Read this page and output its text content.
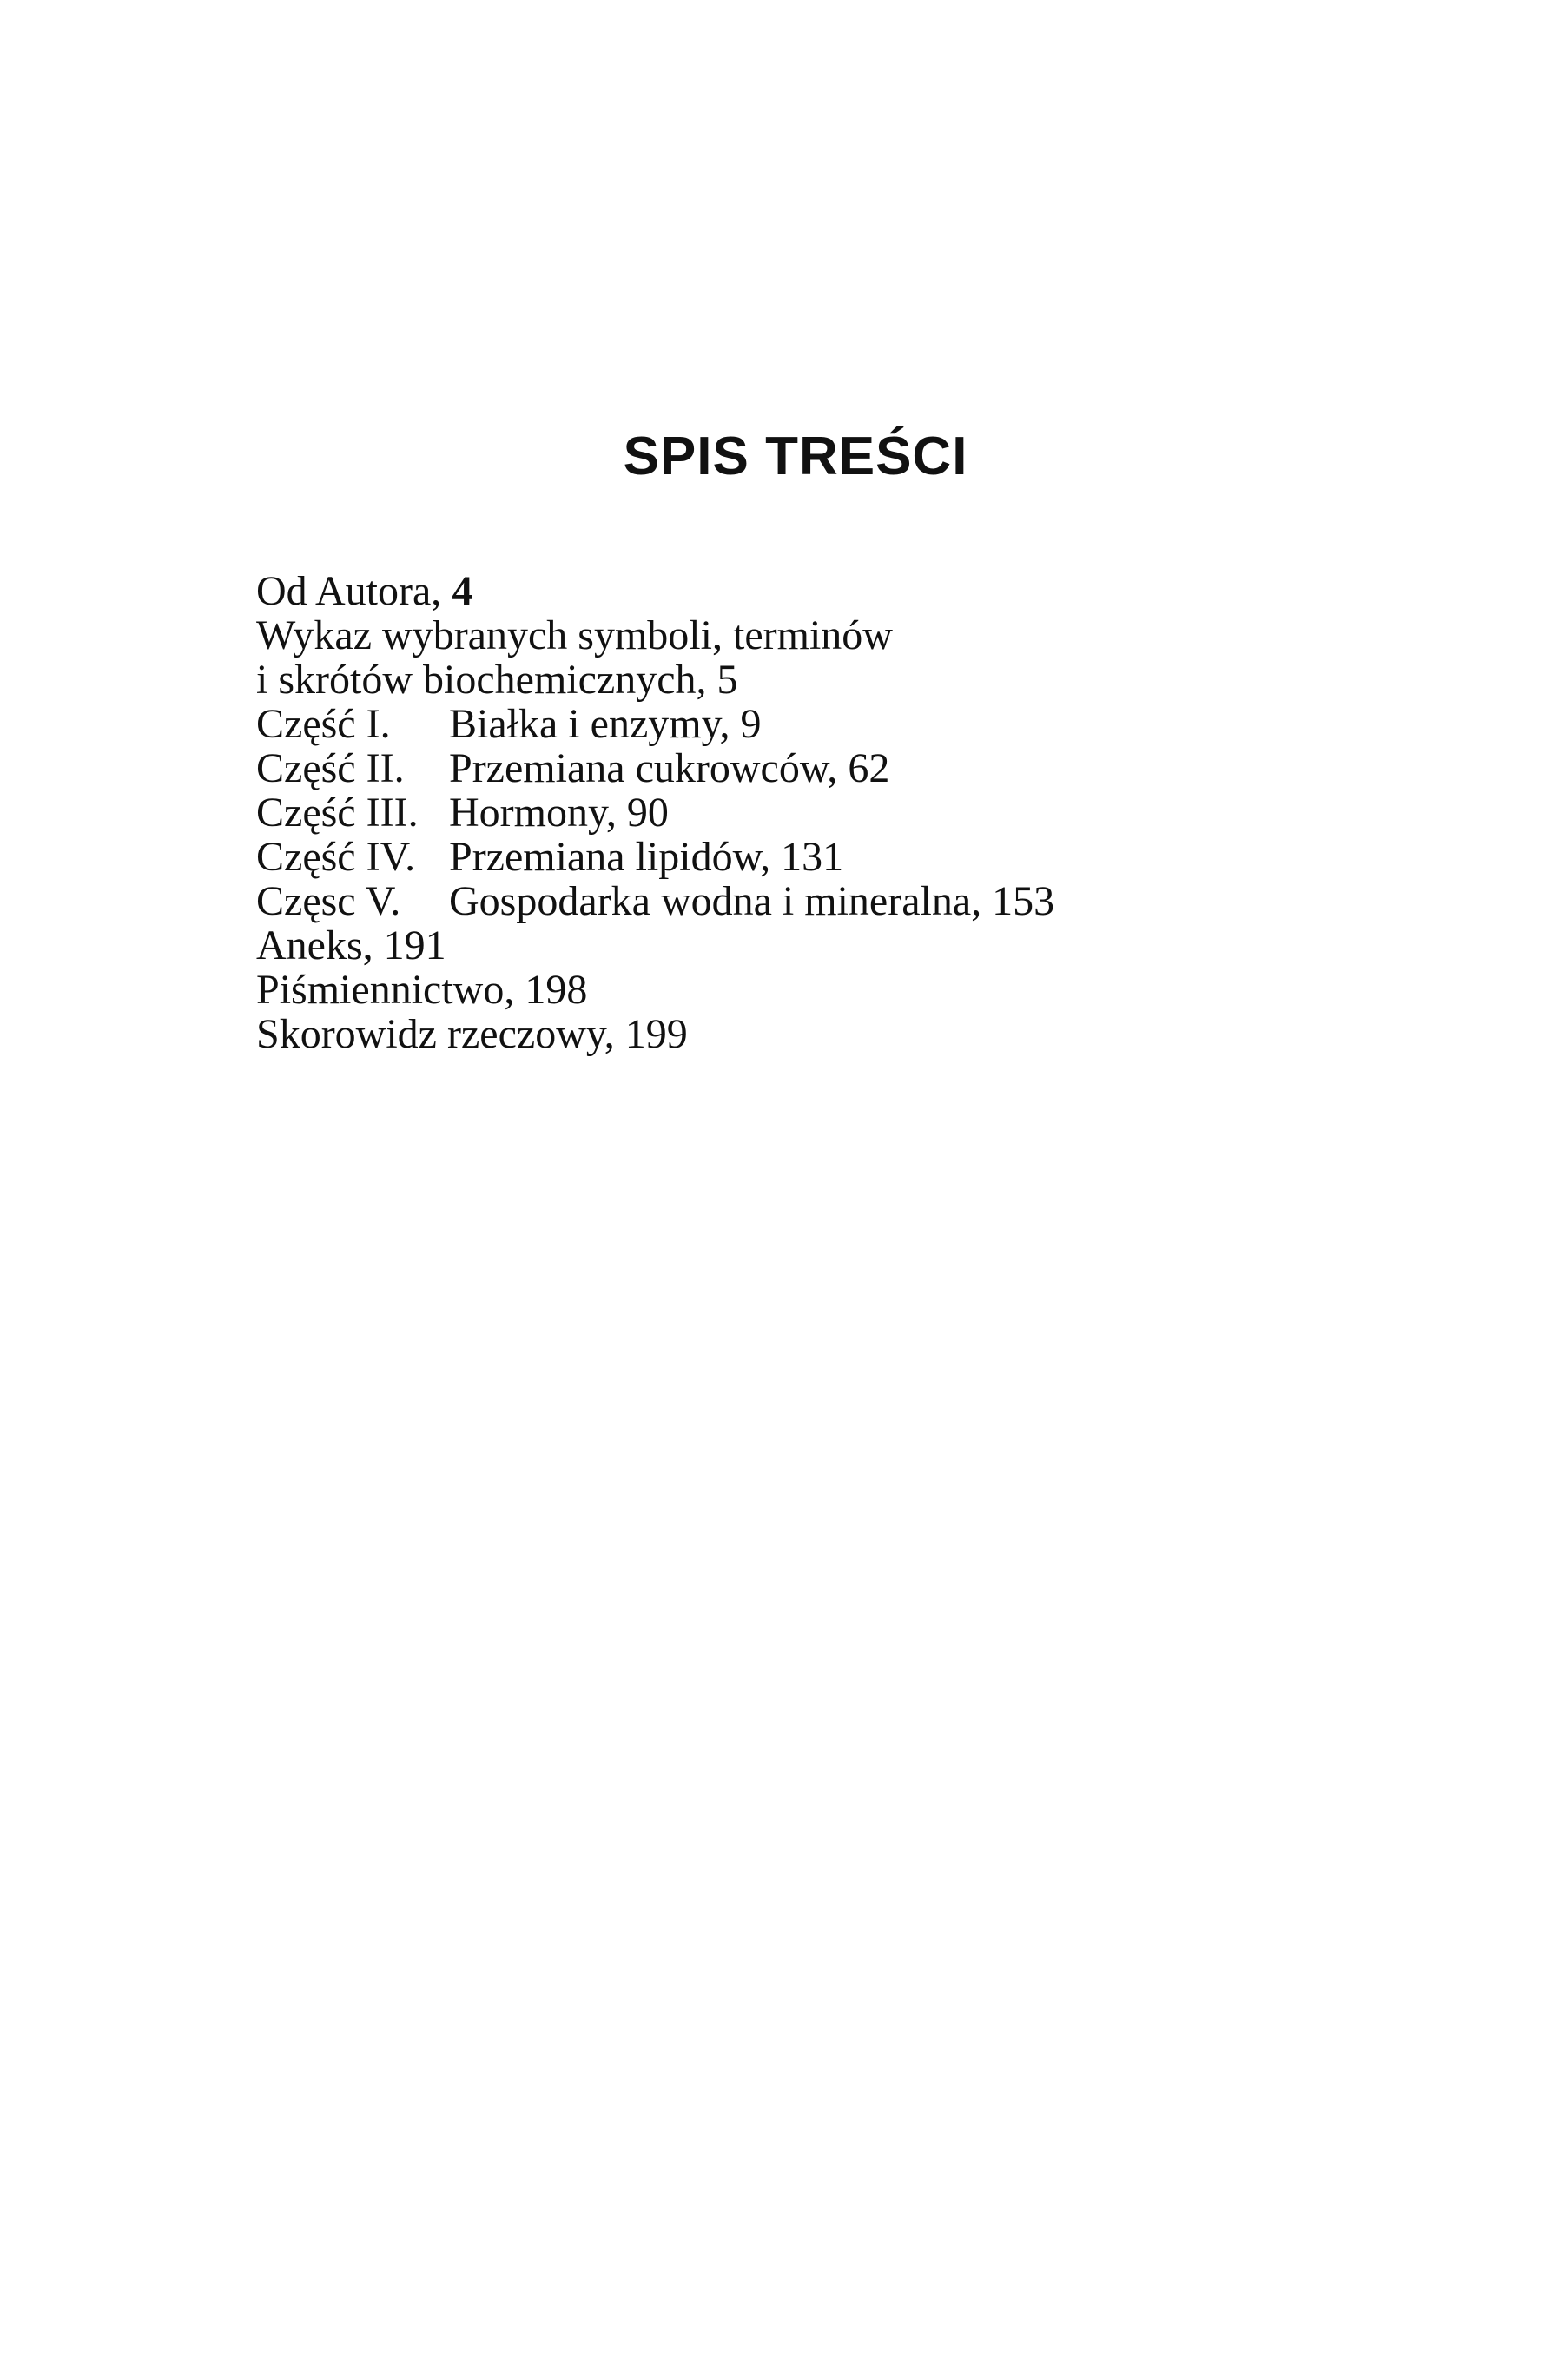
SPIS TREŚCI
Od Autora, 4
Wykaz wybranych symboli, terminów
i skrótów biochemicznych, 5
Część I. Białka i enzymy, 9
Część II. Przemiana cukrowców, 62
Część III. Hormony, 90
Część IV. Przemiana lipidów, 131
Częsc V. Gospodarka wodna i mineralna, 153
Aneks, 191
Piśmiennictwo, 198
Skorowidz rzeczowy, 199
